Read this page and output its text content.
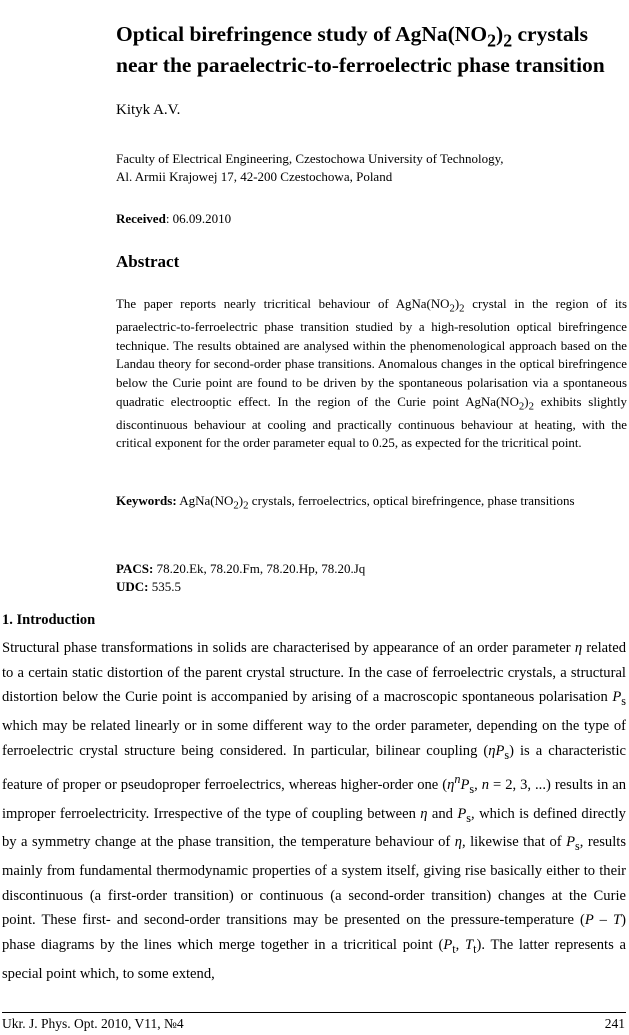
Optical birefringence study of $AgNa(NO_2)_2$ crystals
near the paraelectric-to-ferroelectric phase transition

Kityk A.V.

Faculty of Electrical Engineering, Czestochowa University of Technology,
Al. Armii Krajowej 17, 42-200 Czestochowa, Poland

Received: 06.09.2010

Abstract

The paper reports nearly tricritical behaviour of $AgNa(NO_2)_2$ crystal in the region of its paraelectric-to-ferroelectric phase transition studied by a high-resolution optical birefringence technique. The results obtained are analysed within the phenomenological approach based on the Landau theory for second-order phase transitions. Anomalous changes in the optical birefringence below the Curie point are found to be driven by the spontaneous polarisation via a spontaneous quadratic electrooptic effect. In the region of the Curie point $AgNa(NO_2)_2$ exhibits slightly discontinuous behaviour at cooling and practically continuous behaviour at heating, with the critical exponent for the order parameter equal to 0.25, as expected for the tricritical point.

Keywords: $AgNa(NO_2)_2$ crystals, ferroelectrics, optical birefringence, phase transitions

PACS: 78.20.Ek, 78.20.Fm, 78.20.Hp, 78.20.Jq
UDC: 535.5

1. Introduction

Structural phase transformations in solids are characterised by appearance of an order parameter η related to a certain static distortion of the parent crystal structure. In the case of ferroelectric crystals, a structural distortion below the Curie point is accompanied by arising of a macroscopic spontaneous polarisation $P_s$ which may be related linearly or in some different way to the order parameter, depending on the type of ferroelectric crystal structure being considered. In particular, bilinear coupling $(\eta P_s)$ is a characteristic feature of proper or pseudoproper ferroelectrics, whereas higher-order one ($\eta^nP_s$, n = 2, 3, ...) results in an improper ferroelectricity. Irrespective of the type of coupling between η and $P_s$, which is defined directly by a symmetry change at the phase transition, the temperature behaviour of η, likewise that of $P_s$, results mainly from fundamental thermodynamic properties of a system itself, giving rise basically either to their discontinuous (a first-order transition) or continuous (a second-order transition) changes at the Curie point. These first- and second-order transitions may be presented on the pressure-temperature (P – T) phase diagrams by the lines which merge together in a tricritical point ($P_t$, $T_t$). The latter represents a special point which, to some extend,

Ukr. J. Phys. Opt. 2010, V11, №4	241
